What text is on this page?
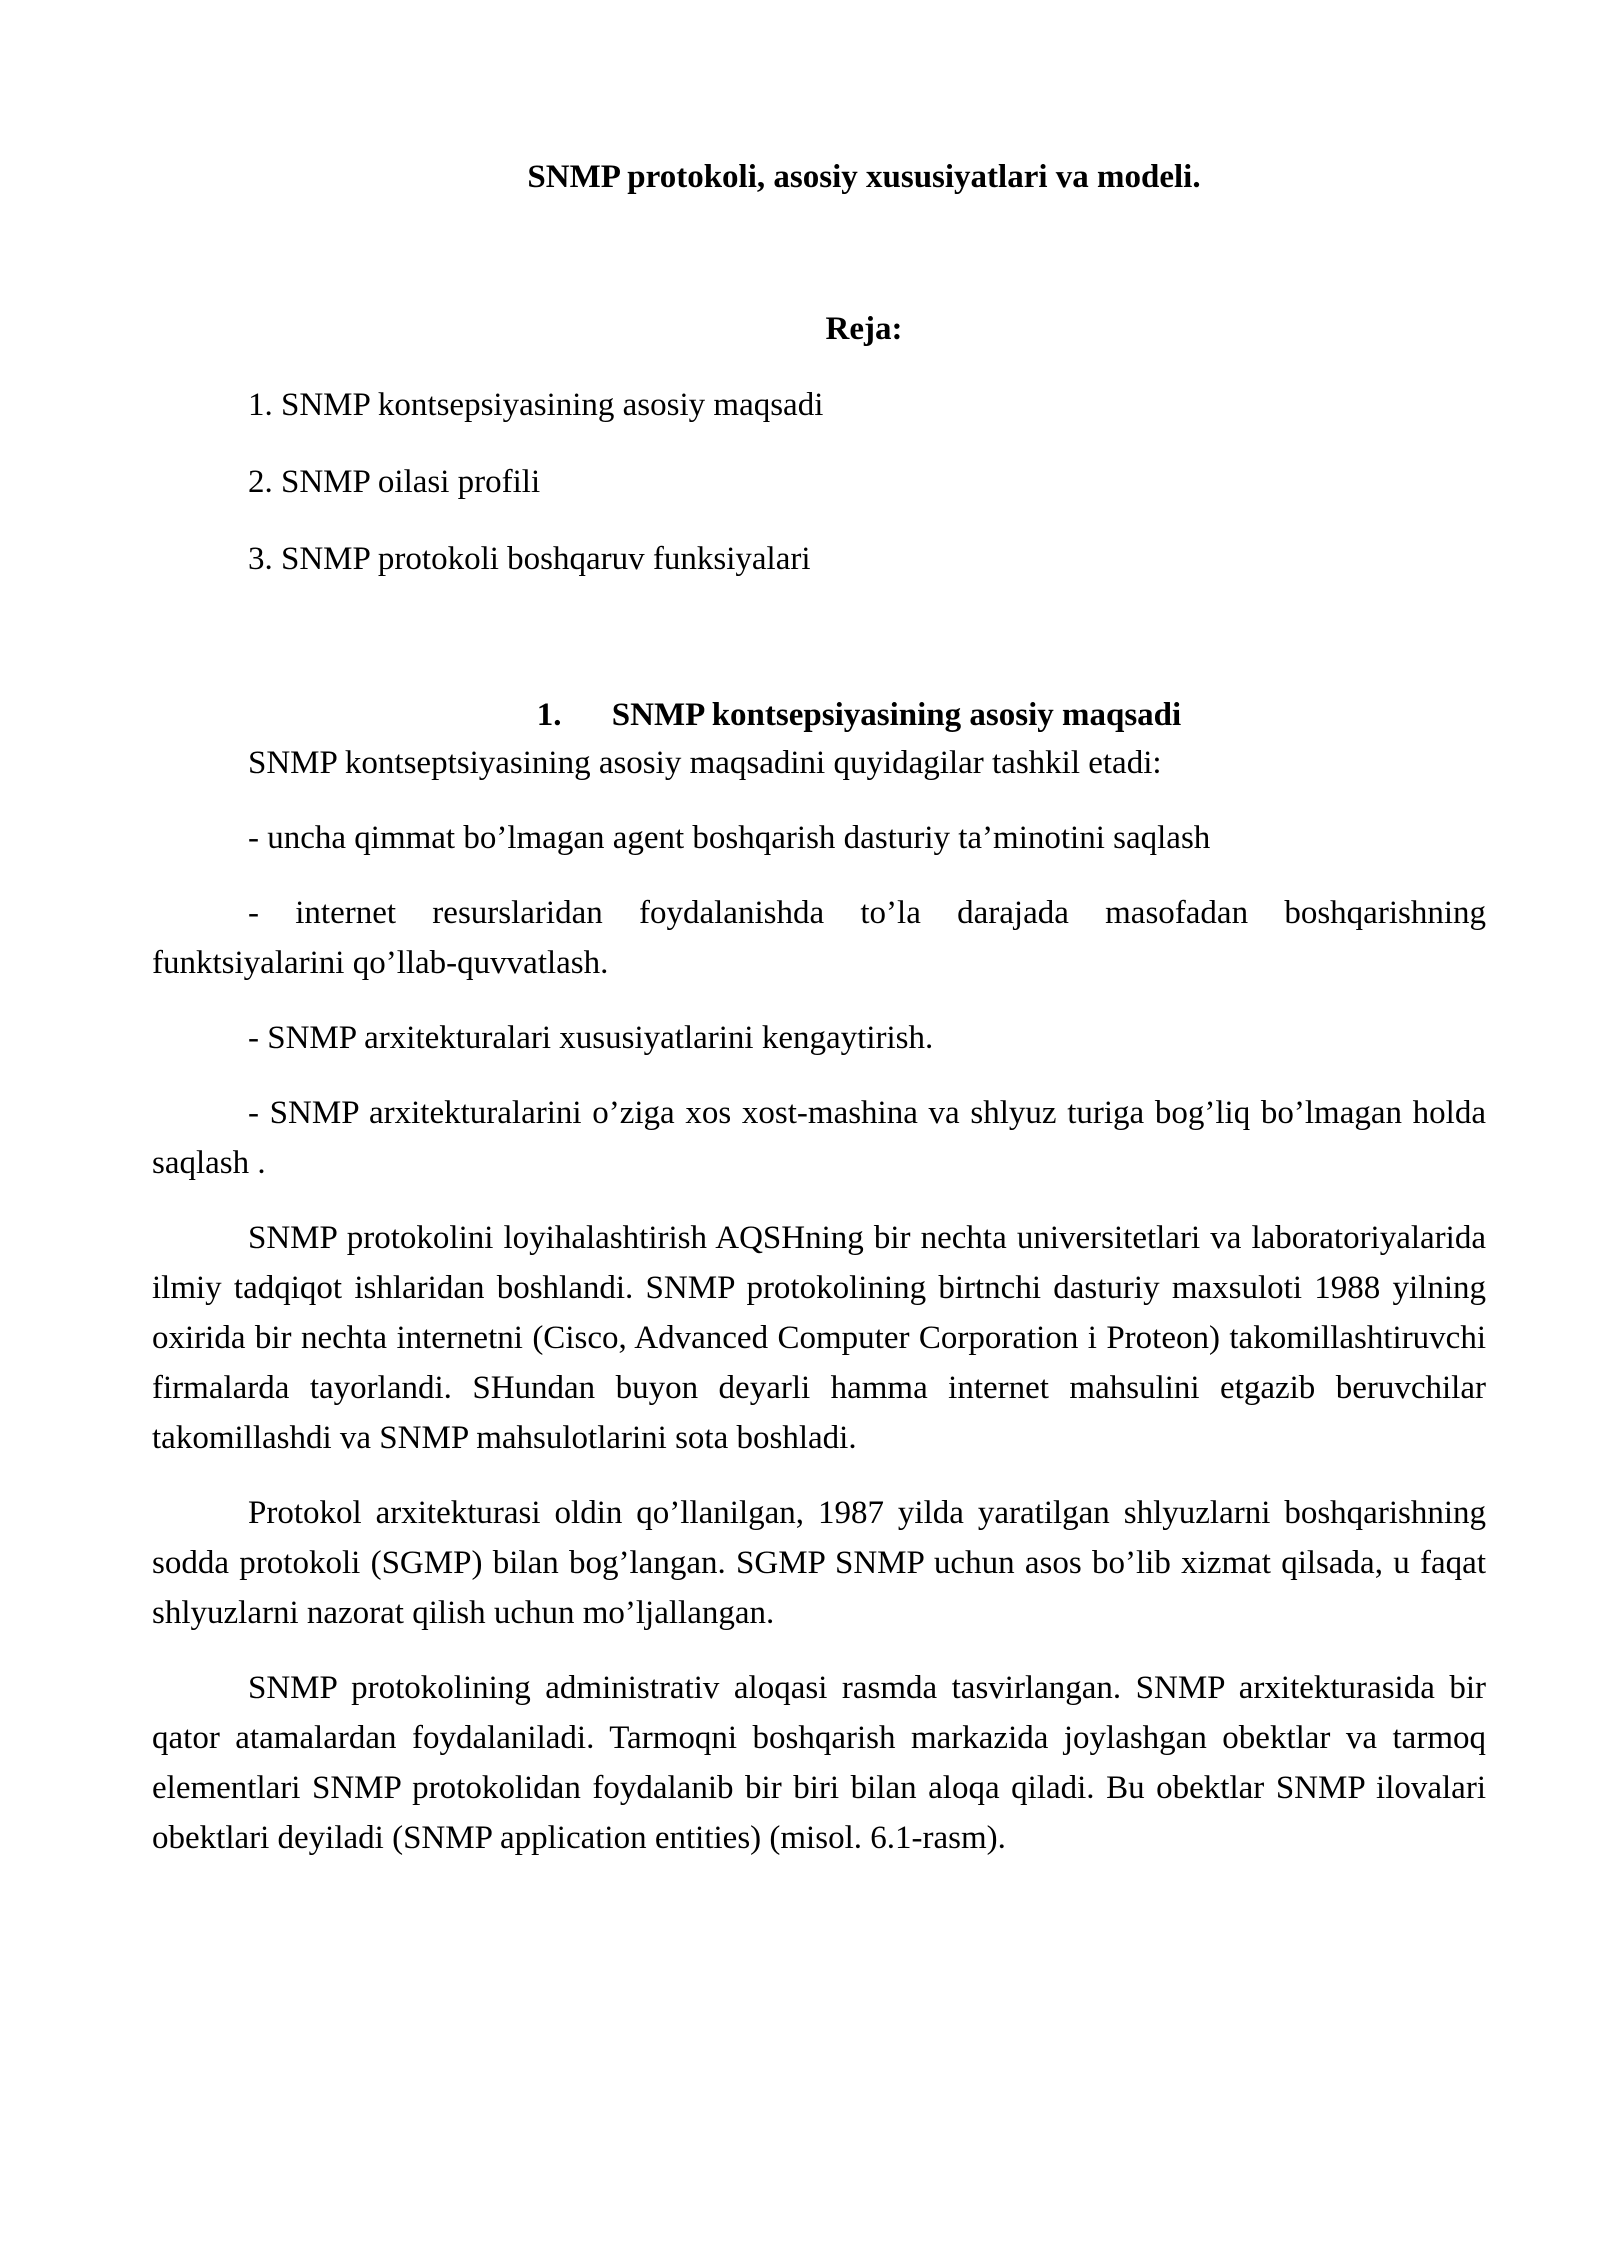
SNMP protokoli, asosiy xususiyatlari va modeli.
Reja:
1. SNMP kontsepsiyasining asosiy maqsadi
2. SNMP oilasi profili
3. SNMP protokoli boshqaruv funksiyalari
1. SNMP kontsepsiyasining asosiy maqsadi

SNMP kontseptsiyasining asosiy maqsadini quyidagilar tashkil etadi:

- uncha qimmat bo’lmagan agent boshqarish dasturiy ta’minotini saqlash

- internet resurslaridan foydalanishda to’la darajada masofadan boshqarishning funktsiyalarini qo’llab-quvvatlash.

- SNMP arxitekturalari xususiyatlarini kengaytirish.

- SNMP arxitekturalarini o’ziga xos xost-mashina va shlyuz turiga bog’liq bo’lmagan holda saqlash .

SNMP protokolini loyihalashtirish AQSHning bir nechta universitetlari va laboratoriyalarida ilmiy tadqiqot ishlaridan boshlandi. SNMP protokolining birtnchi dasturiy maxsuloti 1988 yilning oxirida bir nechta internetni (Cisco, Advanced Computer Corporation i Proteon) takomillashtiruvchi firmalarda tayorlandi. SHundan buyon deyarli hamma internet mahsulini etgazib beruvchilar takomillashdi va SNMP mahsulotlarini sota boshladi.

Protokol arxitekturasi oldin qo’llanilgan, 1987 yilda yaratilgan shlyuzlarni boshqarishning sodda protokoli (SGMP) bilan bog’langan. SGMP SNMP uchun asos bo’lib xizmat qilsada, u faqat shlyuzlarni nazorat qilish uchun mo’ljallangan.

SNMP protokolining administrativ aloqasi rasmda tasvirlangan. SNMP arxitekturasida bir qator atamalardan foydalaniladi. Tarmoqni boshqarish markazida joylashgan obektlar va tarmoq elementlari SNMP protokolidan foydalanib bir biri bilan aloqa qiladi. Bu obektlar SNMP ilovalari obektlari deyiladi (SNMP application entities) (misol. 6.1-rasm).
